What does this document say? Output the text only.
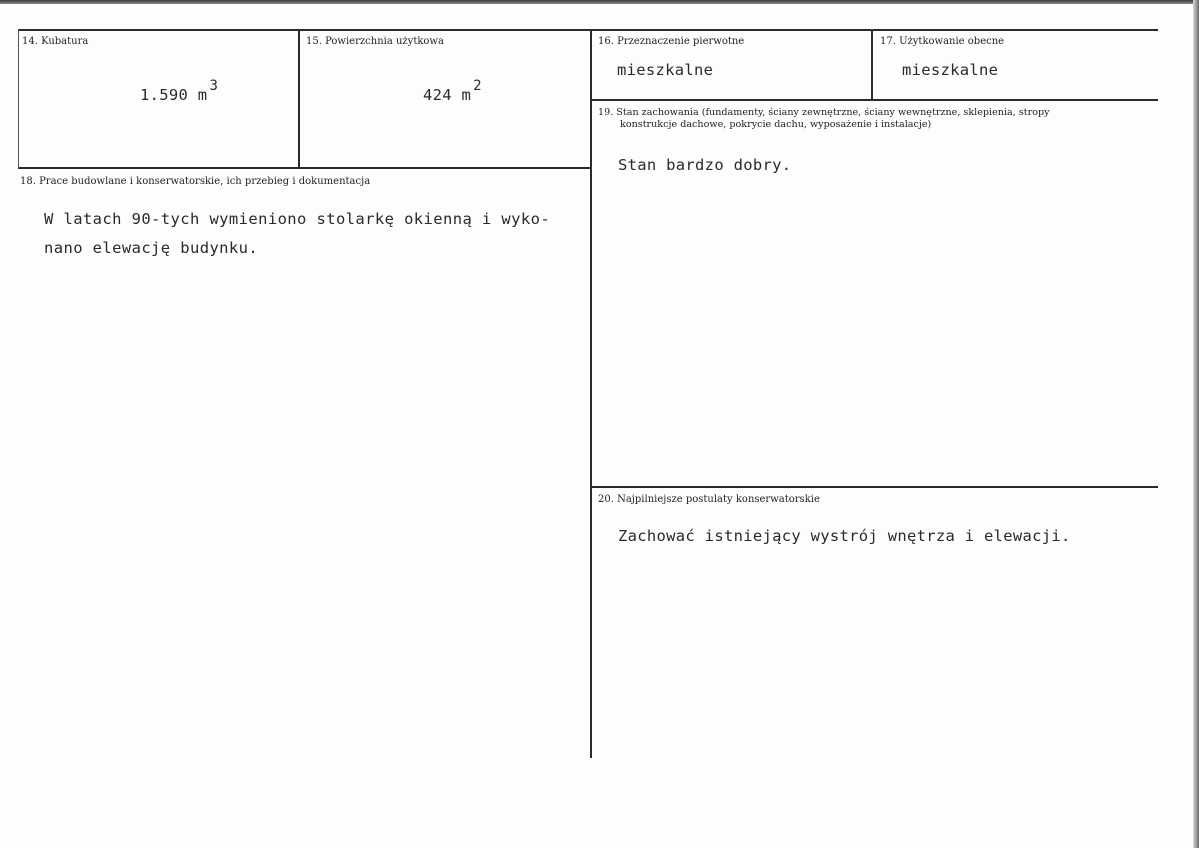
14. Kubatura
1.590 m 3
15. Powierzchnia użytkowa
424 m 2
16. Przeznaczenie pierwotne
mieszkalne
17. Użytkowanie obecne
mieszkalne
19. Stan zachowania (fundamenty, ściany zewnętrzne, ściany wewnętrzne, sklepienia, stropy
konstrukcje dachowe, pokrycie dachu, wyposażenie i instalacje)
Stan bardzo dobry.
18. Prace budowlane i konserwatorskie, ich przebieg i dokumentacja
W latach 90-tych wymieniono stolarkę okienną i wyko-
nano elewację budynku.
20. Najpilniejsze postulaty konserwatorskie
Zachować istniejący wystrój wnętrza i elewacji.
